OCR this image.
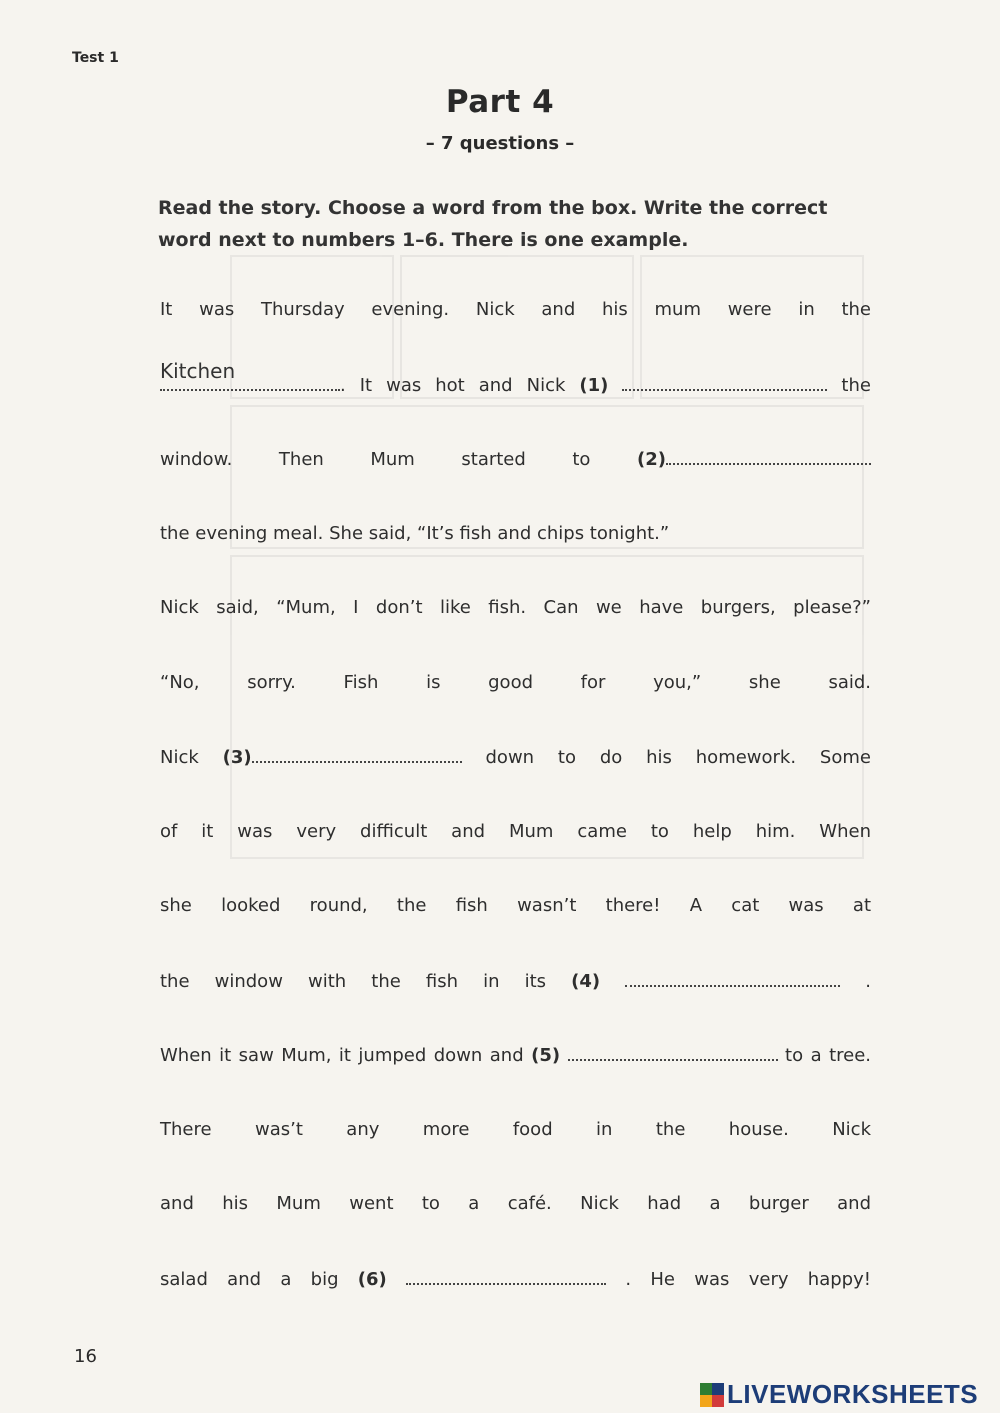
Test 1
Part 4
– 7 questions –
Read the story. Choose a word from the box. Write the correct word next to numbers 1–6. There is one example.
It was Thursday evening. Nick and his mum were in the
Kitchen
. It was hot and Nick (1)	the
window. Then Mum started to	(2)
the evening meal. She said, “It’s fish and chips tonight.”
Nick said, “Mum, I don’t like fish. Can we have burgers, please?”
“No, sorry. Fish is good for you,” she said.
Nick (3)	down to do his homework. Some
of it was very difficult and Mum came to help him. When
she looked round, the fish wasn’t there! A cat was at
the window with the fish in its (4)	.
When it saw Mum, it jumped down and (5)	to a tree.
There was’t any more food in the house. Nick
and his Mum went to a café. Nick had a burger and
salad and a big (6)	. He was very happy!
16
LIVEWORKSHEETS
